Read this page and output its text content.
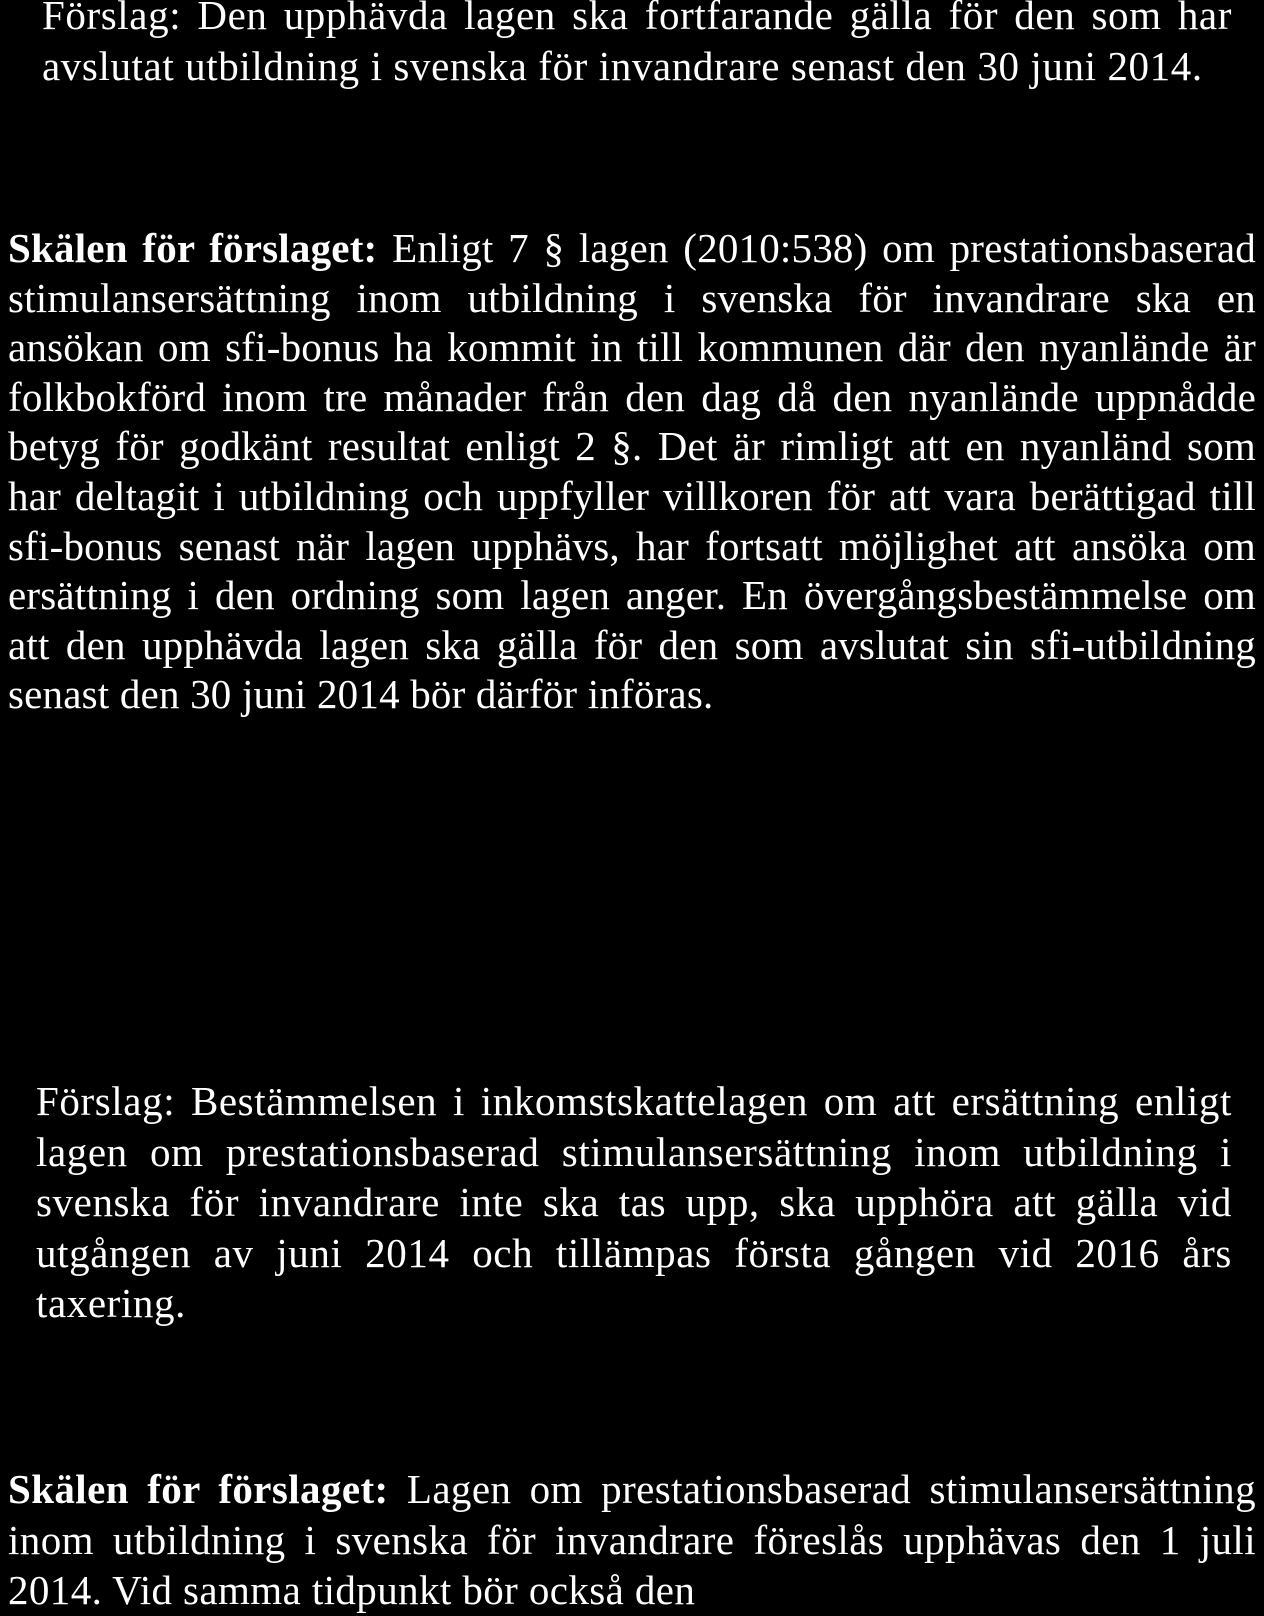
Förslag: Den upphävda lagen ska fortfarande gälla för den som har avslutat utbildning i svenska för invandrare senast den 30 juni 2014.
Skälen för förslaget: Enligt 7 § lagen (2010:538) om prestationsbaserad stimulansersättning inom utbildning i svenska för invandrare ska en ansökan om sfi-bonus ha kommit in till kommunen där den nyanlände är folkbokförd inom tre månader från den dag då den nyanlände uppnådde betyg för godkänt resultat enligt 2 §. Det är rimligt att en nyanländ som har deltagit i utbildning och uppfyller villkoren för att vara berättigad till sfi-bonus senast när lagen upphävs, har fortsatt möjlighet att ansöka om ersättning i den ordning som lagen anger. En övergångsbestämmelse om att den upphävda lagen ska gälla för den som avslutat sin sfi-utbildning senast den 30 juni 2014 bör därför införas.
Förslag: Bestämmelsen i inkomstskattelagen om att ersättning enligt lagen om prestationsbaserad stimulansersättning inom utbildning i svenska för invandrare inte ska tas upp, ska upphöra att gälla vid utgången av juni 2014 och tillämpas första gången vid 2016 års taxering.
Skälen för förslaget: Lagen om prestationsbaserad stimulansersättning inom utbildning i svenska för invandrare föreslås upphävas den 1 juli 2014. Vid samma tidpunkt bör också den
